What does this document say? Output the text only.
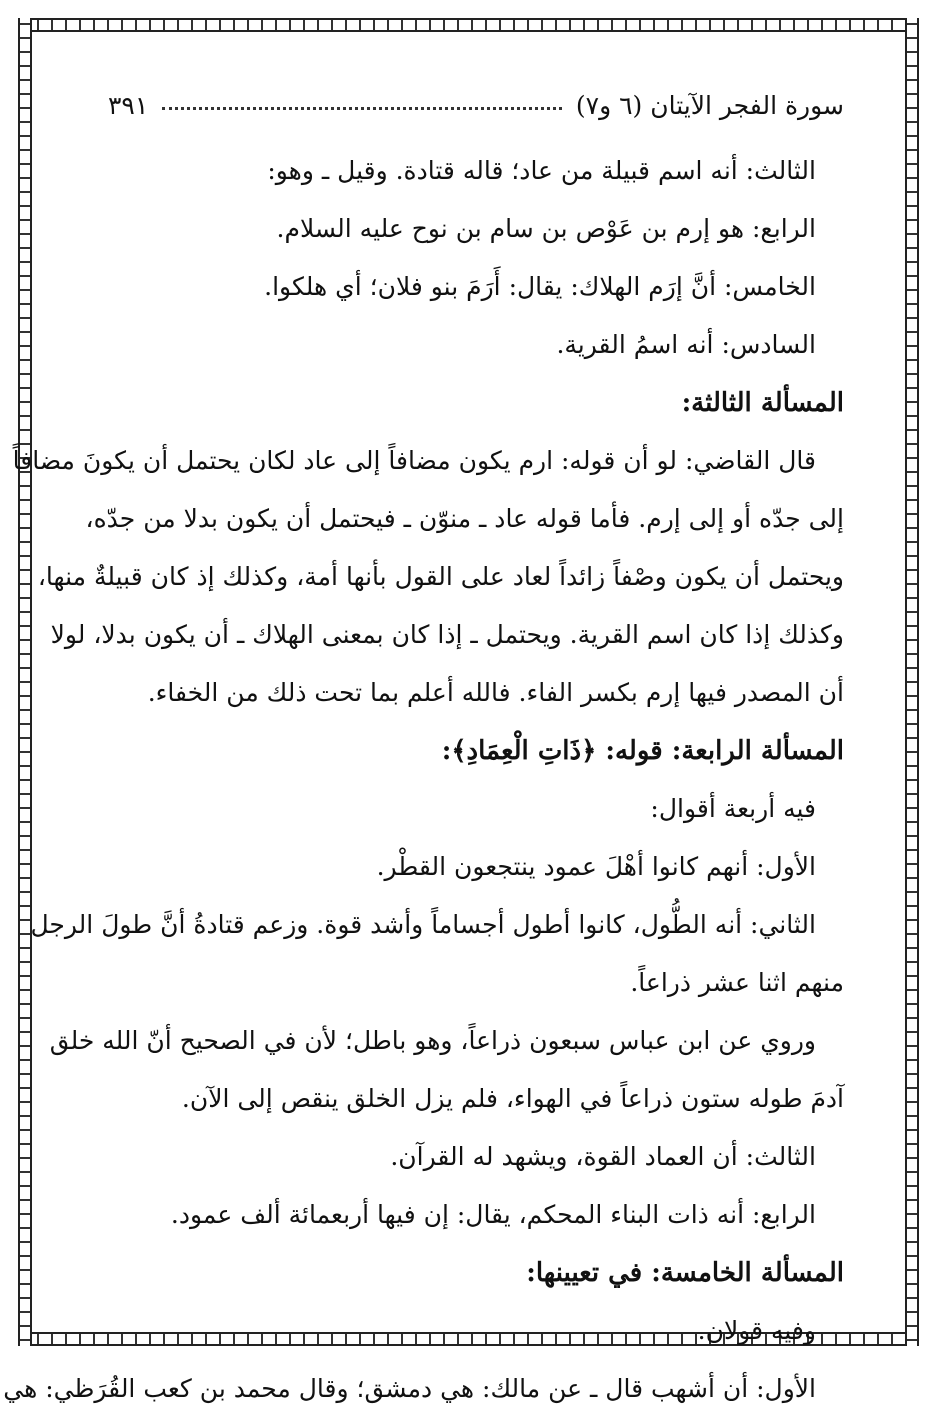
سورة الفجر الآيتان (٦ و٧)
٣٩١
الثالث: أنه اسم قبيلة من عاد؛ قاله قتادة. وقيل ـ وهو:
الرابع: هو إرم بن عَوْص بن سام بن نوح عليه السلام.
الخامس: أنَّ إرَم الهلاك: يقال: أَرَمَ بنو فلان؛ أي هلكوا.
السادس: أنه اسمُ القرية.
المسألة الثالثة:
قال القاضي: لو أن قوله: ارم يكون مضافاً إلى عاد لكان يحتمل أن يكونَ مضافاً
إلى جدّه أو إلى إرم. فأما قوله عاد ـ منوّن ـ فيحتمل أن يكون بدلا من جدّه،
ويحتمل أن يكون وصْفاً زائداً لعاد على القول بأنها أمة، وكذلك إذ كان قبيلةٌ منها،
وكذلك إذا كان اسم القرية. ويحتمل ـ إذا كان بمعنى الهلاك ـ أن يكون بدلا، لولا
أن المصدر فيها إرم بكسر الفاء. فالله أعلم بما تحت ذلك من الخفاء.
المسألة الرابعة: قوله: ﴿ذَاتِ الْعِمَادِ﴾:
فيه أربعة أقوال:
الأول: أنهم كانوا أهْلَ عمود ينتجعون القطْر.
الثاني: أنه الطُّول، كانوا أطول أجساماً وأشد قوة. وزعم قتادةُ أنَّ طولَ الرجل
منهم اثنا عشر ذراعاً.
وروي عن ابن عباس سبعون ذراعاً، وهو باطل؛ لأن في الصحيح أنّ الله خلق
آدمَ طوله ستون ذراعاً في الهواء، فلم يزل الخلق ينقص إلى الآن.
الثالث: أن العماد القوة، ويشهد له القرآن.
الرابع: أنه ذات البناء المحكم، يقال: إن فيها أربعمائة ألف عمود.
المسألة الخامسة: في تعيينها:
وفيه قولان.
الأول: أن أشهب قال ـ عن مالك: هي دمشق؛ وقال محمد بن كعب القُرَظي: هي
